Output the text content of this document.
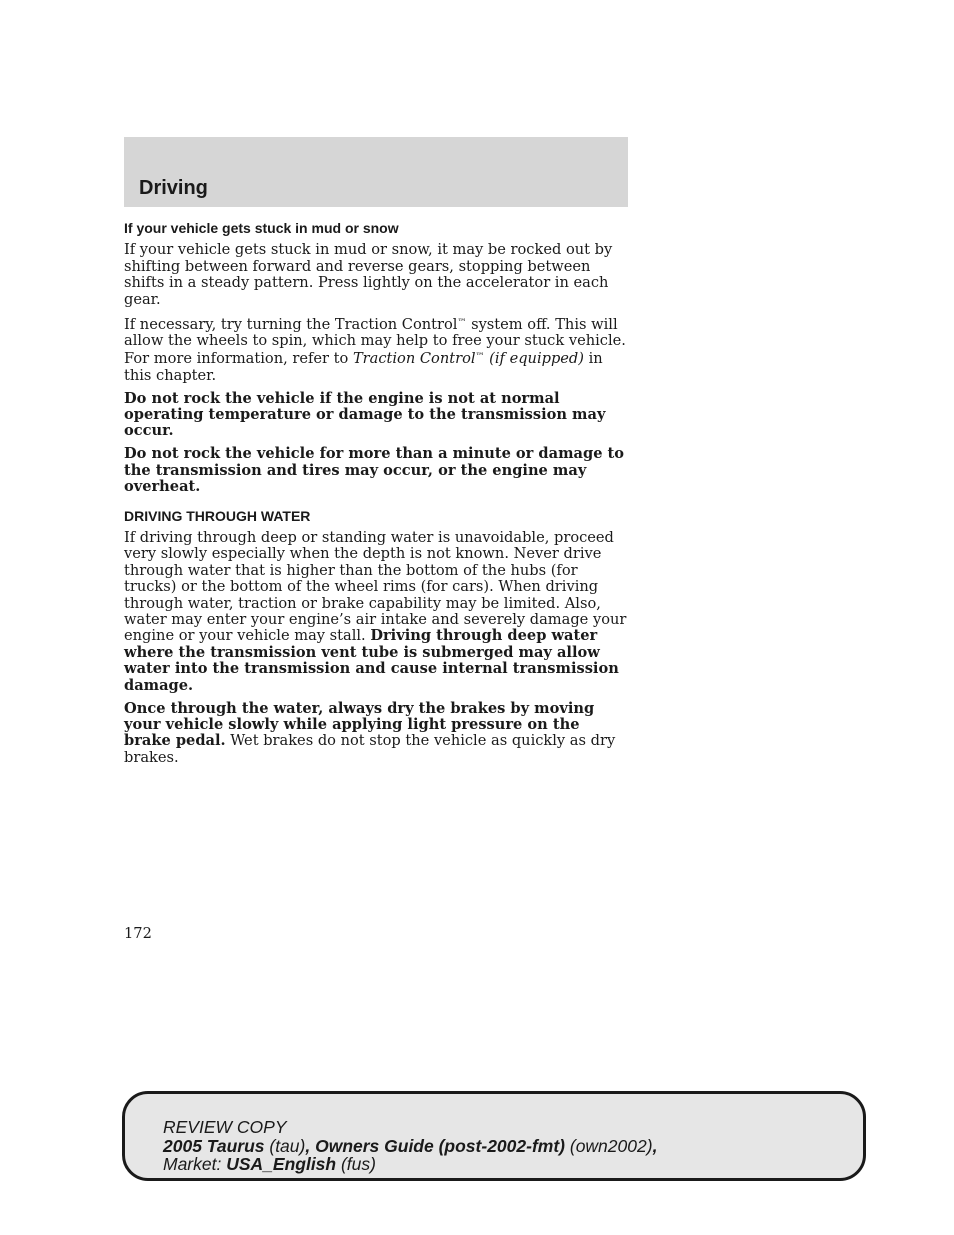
Driving

If your vehicle gets stuck in mud or snow

If your vehicle gets stuck in mud or snow, it may be rocked out by shifting between forward and reverse gears, stopping between shifts in a steady pattern. Press lightly on the accelerator in each gear.

If necessary, try turning the Traction Control™ system off. This will allow the wheels to spin, which may help to free your stuck vehicle. For more information, refer to Traction Control™ (if equipped) in this chapter.

Do not rock the vehicle if the engine is not at normal operating temperature or damage to the transmission may occur.

Do not rock the vehicle for more than a minute or damage to the transmission and tires may occur, or the engine may overheat.

DRIVING THROUGH WATER

If driving through deep or standing water is unavoidable, proceed very slowly especially when the depth is not known. Never drive through water that is higher than the bottom of the hubs (for trucks) or the bottom of the wheel rims (for cars). When driving through water, traction or brake capability may be limited. Also, water may enter your engine’s air intake and severely damage your engine or your vehicle may stall. Driving through deep water where the transmission vent tube is submerged may allow water into the transmission and cause internal transmission damage.

Once through the water, always dry the brakes by moving your vehicle slowly while applying light pressure on the brake pedal. Wet brakes do not stop the vehicle as quickly as dry brakes.

172
REVIEW COPY
2005 Taurus (tau), Owners Guide (post-2002-fmt) (own2002),
Market: USA_English (fus)
